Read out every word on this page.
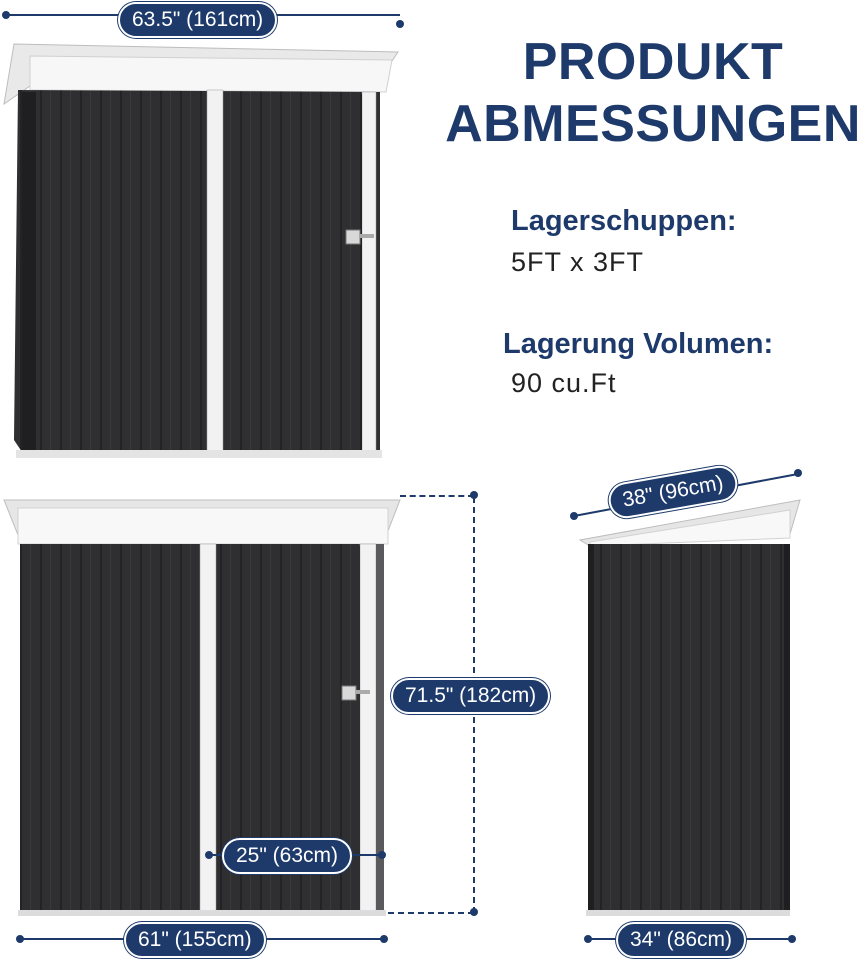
PRODUKT
ABMESSUNGEN
Lagerschuppen:
5FT x 3FT
Lagerung Volumen:
90 cu.Ft
63.5" (161cm)
71.5" (182cm)
25" (63cm)
61" (155cm)
38" (96cm)
34" (86cm)
